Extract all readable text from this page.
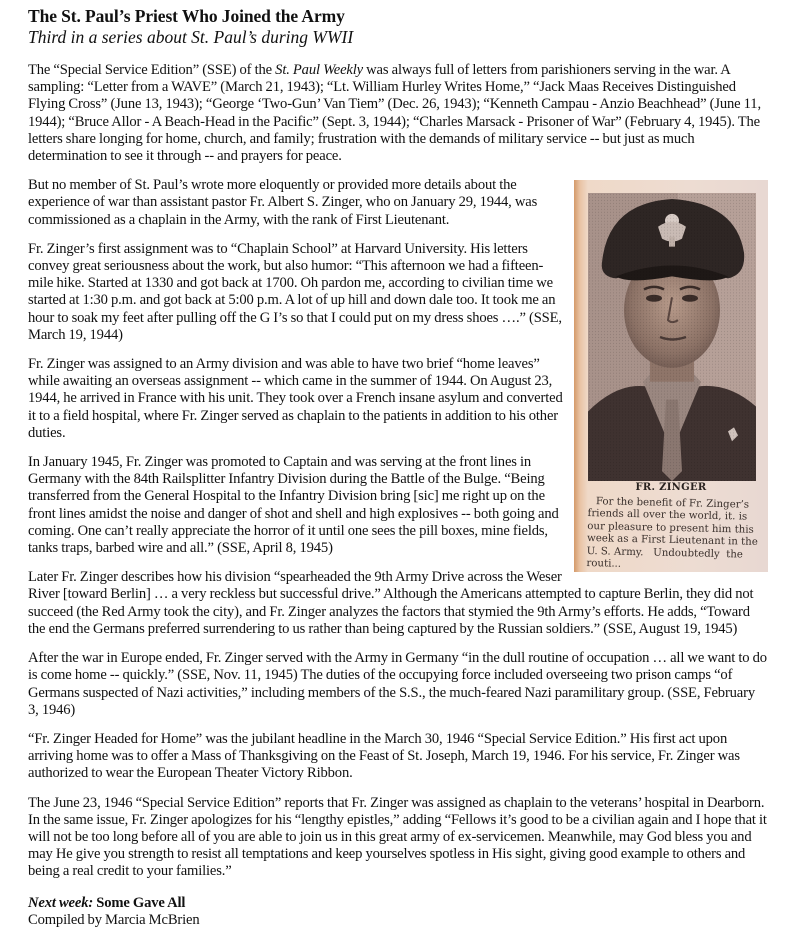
The St. Paul’s Priest Who Joined the Army
Third in a series about St. Paul’s during WWII

The “Special Service Edition” (SSE) of the St. Paul Weekly was always full of letters from parishioners serving in the war. A sampling: “Letter from a WAVE” (March 21, 1943); “Lt. William Hurley Writes Home,” “Jack Maas Receives Distinguished Flying Cross” (June 13, 1943); “George ‘Two-Gun’ Van Tiem” (Dec. 26, 1943); “Kenneth Campau - Anzio Beachhead” (June 11, 1944); “Bruce Allor - A Beach-Head in the Pacific” (Sept. 3, 1944); “Charles Marsack - Prisoner of War” (February 4, 1945). The letters share longing for home, church, and family; frustration with the demands of military service -- but just as much determination to see it through -- and prayers for peace.

FR. ZINGER
For the benefit of Fr. Zinger’s
friends all over the world, it. is
our pleasure to present him this
week as a First Lieutenant in the
U. S. Army.   Undoubtedly  the
routi...

But no member of St. Paul’s wrote more eloquently or provided more details about the experience of war than assistant pastor Fr. Albert S. Zinger, who on January 29, 1944, was commissioned as a chaplain in the Army, with the rank of First Lieutenant.

Fr. Zinger’s first assignment was to “Chaplain School” at Harvard University. His letters convey great seriousness about the work, but also humor: “This afternoon we had a fifteen-mile hike. Started at 1330 and got back at 1700. Oh pardon me, according to civilian time we started at 1:30 p.m. and got back at 5:00 p.m. A lot of up hill and down dale too. It took me an hour to soak my feet after pulling off the G I’s so that I could put on my dress shoes ….” (SSE, March 19, 1944)

Fr. Zinger was assigned to an Army division and was able to have two brief “home leaves” while awaiting an overseas assignment -- which came in the summer of 1944. On August 23, 1944, he arrived in France with his unit. They took over a French insane asylum and converted it to a field hospital, where Fr. Zinger served as chaplain to the patients in addition to his other duties.

In January 1945, Fr. Zinger was promoted to Captain and was serving at the front lines in Germany with the 84th Railsplitter Infantry Division during the Battle of the Bulge. “Being transferred from the General Hospital to the Infantry Division bring [sic] me right up on the front lines amidst the noise and danger of shot and shell and high explosives -- both going and coming. One can’t really appreciate the horror of it until one sees the pill boxes, mine fields, tanks traps, barbed wire and all.” (SSE, April 8, 1945)

Later Fr. Zinger describes how his division “spearheaded the 9th Army Drive across the Weser River [toward Berlin] … a very reckless but successful drive.” Although the Americans attempted to capture Berlin, they did not succeed (the Red Army took the city), and Fr. Zinger analyzes the factors that stymied the 9th Army’s efforts. He adds, “Toward the end the Germans preferred surrendering to us rather than being captured by the Russian soldiers.” (SSE, August 19, 1945)

After the war in Europe ended, Fr. Zinger served with the Army in Germany “in the dull routine of occupation … all we want to do is come home -- quickly.” (SSE, Nov. 11, 1945) The duties of the occupying force included overseeing two prison camps “of Germans suspected of Nazi activities,” including members of the S.S., the much-feared Nazi paramilitary group. (SSE, February 3, 1946)

“Fr. Zinger Headed for Home” was the jubilant headline in the March 30, 1946 “Special Service Edition.” His first act upon arriving home was to offer a Mass of Thanksgiving on the Feast of St. Joseph, March 19, 1946. For his service, Fr. Zinger was authorized to wear the European Theater Victory Ribbon.

The June 23, 1946 “Special Service Edition” reports that Fr. Zinger was assigned as chaplain to the veterans’ hospital in Dearborn. In the same issue, Fr. Zinger apologizes for his “lengthy epistles,” adding “Fellows it’s good to be a civilian again and I hope that it will not be too long before all of you are able to join us in this great army of ex-servicemen. Meanwhile, may God bless you and may He give you strength to resist all temptations and keep yourselves spotless in His sight, giving good example to others and being a real credit to your families.”

Next week: Some Gave All

Compiled by Marcia McBrien
